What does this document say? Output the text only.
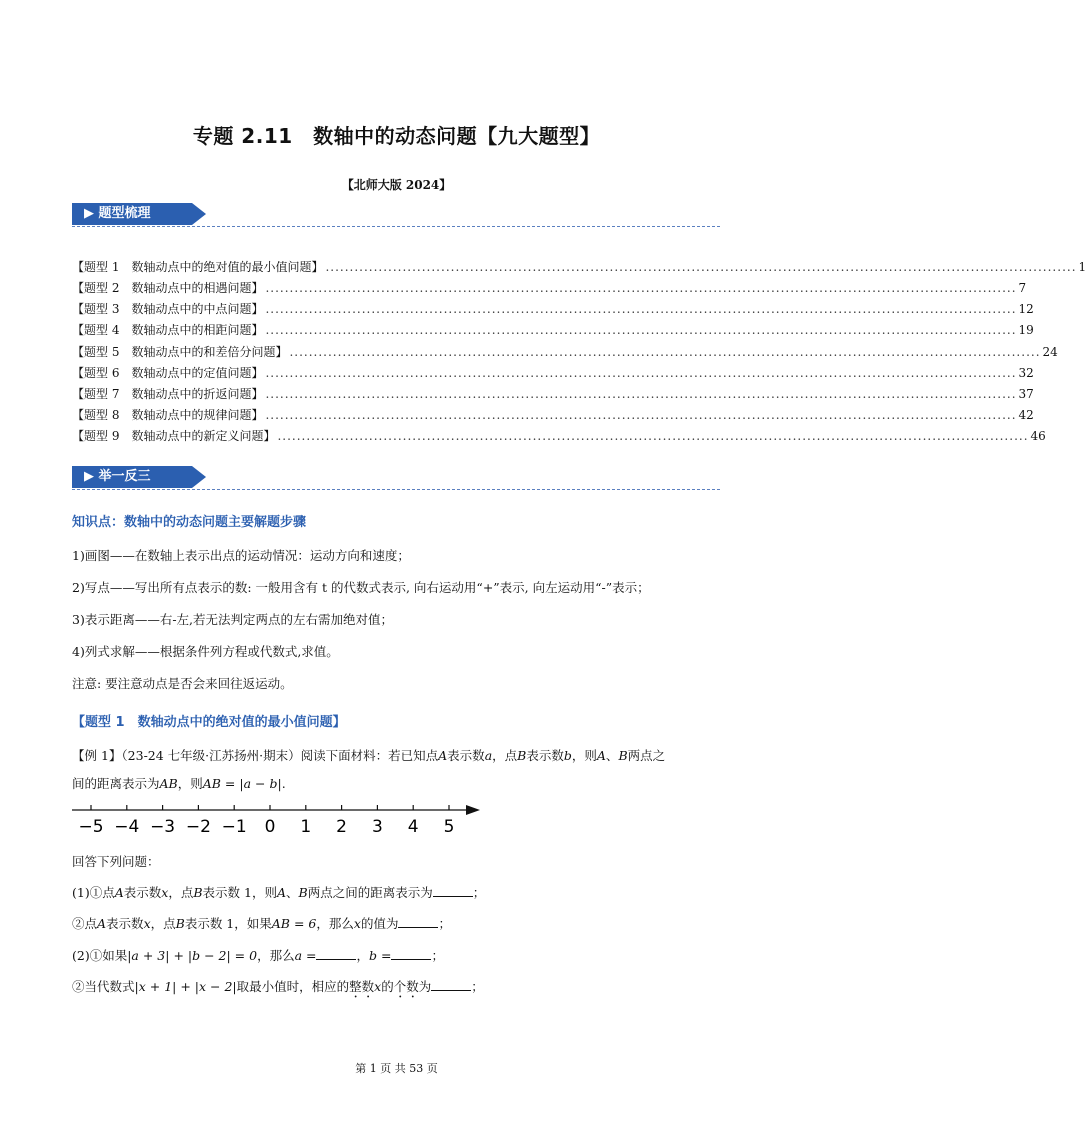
专题 2.11　数轴中的动态问题【九大题型】
【北师大版 2024】
▶ 题型梳理
【题型 1　数轴动点中的绝对值的最小值问题】 ............................................................................................................................................................ 1
【题型 2　数轴动点中的相遇问题】 ............................................................................................................................................................ 7
【题型 3　数轴动点中的中点问题】 ............................................................................................................................................................ 12
【题型 4　数轴动点中的相距问题】 ............................................................................................................................................................ 19
【题型 5　数轴动点中的和差倍分问题】 ............................................................................................................................................................ 24
【题型 6　数轴动点中的定值问题】 ............................................................................................................................................................ 32
【题型 7　数轴动点中的折返问题】 ............................................................................................................................................................ 37
【题型 8　数轴动点中的规律问题】 ............................................................................................................................................................ 42
【题型 9　数轴动点中的新定义问题】 ............................................................................................................................................................ 46
▶ 举一反三
知识点：数轴中的动态问题主要解题步骤
1)画图——在数轴上表示出点的运动情况：运动方向和速度；
2)写点——写出所有点表示的数: 一般用含有 t 的代数式表示, 向右运动用“+”表示, 向左运动用“-”表示；
3)表示距离——右-左,若无法判定两点的左右需加绝对值；
4)列式求解——根据条件列方程或代数式,求值。
注意: 要注意动点是否会来回往返运动。
【题型 1　数轴动点中的绝对值的最小值问题】
【例 1】（23-24 七年级·江苏扬州·期末）阅读下面材料：若已知点A表示数a，点B表示数b，则A、B两点之
间的距离表示为AB，则AB = |a − b|.
−5 −4 −3 −2 −1 0 1 2 3 4 5
回答下列问题：
(1)①点A表示数x，点B表示数 1，则A、B两点之间的距离表示为	；
②点A表示数x，点B表示数 1，如果AB = 6，那么x的值为	；
(2)①如果|a + 3| + |b − 2| = 0，那么a =	，b =	；
②当代数式|x + 1| + |x − 2|取最小值时，相应的整数x的个数为	；
第 1 页 共 53 页
